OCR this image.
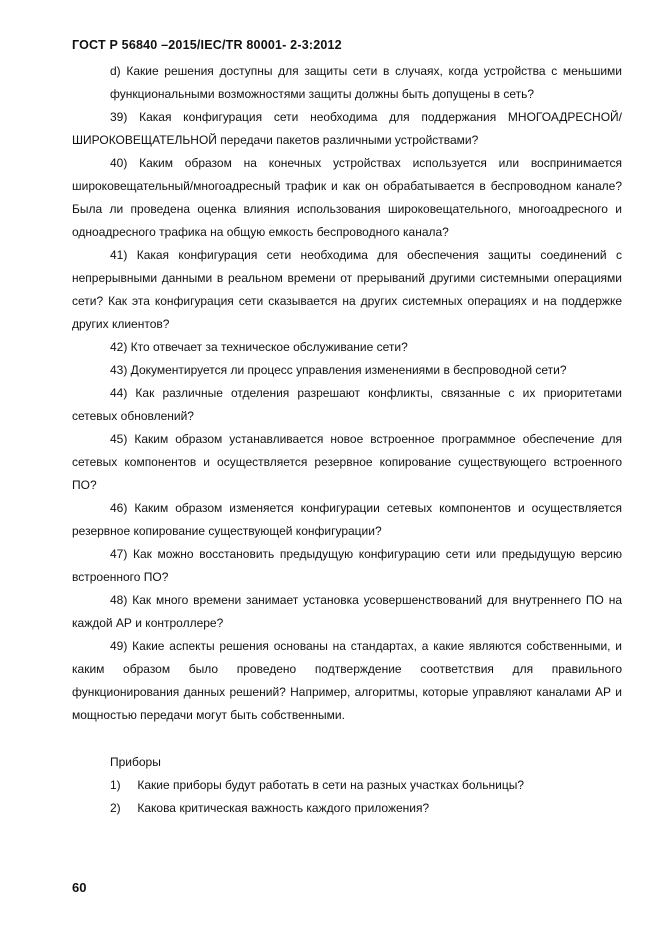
ГОСТ Р 56840 –2015/IEC/TR 80001- 2-3:2012

d) Какие решения доступны для защиты сети в случаях, когда устройства с меньшими функциональными возможностями защиты должны быть допущены в сеть?

39) Какая конфигурация сети необходима для поддержания МНОГОАДРЕСНОЙ/ШИРОКОВЕЩАТЕЛЬНОЙ передачи пакетов различными устройствами?

40) Каким образом на конечных устройствах используется или воспринимается широковещательный/многоадресный трафик и как он обрабатывается в беспроводном канале? Была ли проведена оценка влияния использования широковещательного, многоадресного и одноадресного трафика на общую емкость беспроводного канала?

41) Какая конфигурация сети необходима для обеспечения защиты соединений с непрерывными данными в реальном времени от прерываний другими системными операциями сети? Как эта конфигурация сети сказывается на других системных операциях и на поддержке других клиентов?

42) Кто отвечает за техническое обслуживание сети?

43) Документируется ли процесс управления изменениями в беспроводной сети?

44) Как различные отделения разрешают конфликты, связанные с их приоритетами сетевых обновлений?

45) Каким образом устанавливается новое встроенное программное обеспечение для сетевых компонентов и осуществляется резервное копирование существующего встроенного ПО?

46) Каким образом изменяется конфигурации сетевых компонентов и осуществляется резервное копирование существующей конфигурации?

47) Как можно восстановить предыдущую конфигурацию сети или предыдущую версию встроенного ПО?

48) Как много времени занимает установка усовершенствований для внутреннего ПО на каждой АР и контроллере?

49) Какие аспекты решения основаны на стандартах, а какие являются собственными, и каким образом было проведено подтверждение соответствия для правильного функционирования данных решений? Например, алгоритмы, которые управляют каналами АР и мощностью передачи могут быть собственными.

Приборы

1) Какие приборы будут работать в сети на разных участках больницы?

2) Какова критическая важность каждого приложения?

60
